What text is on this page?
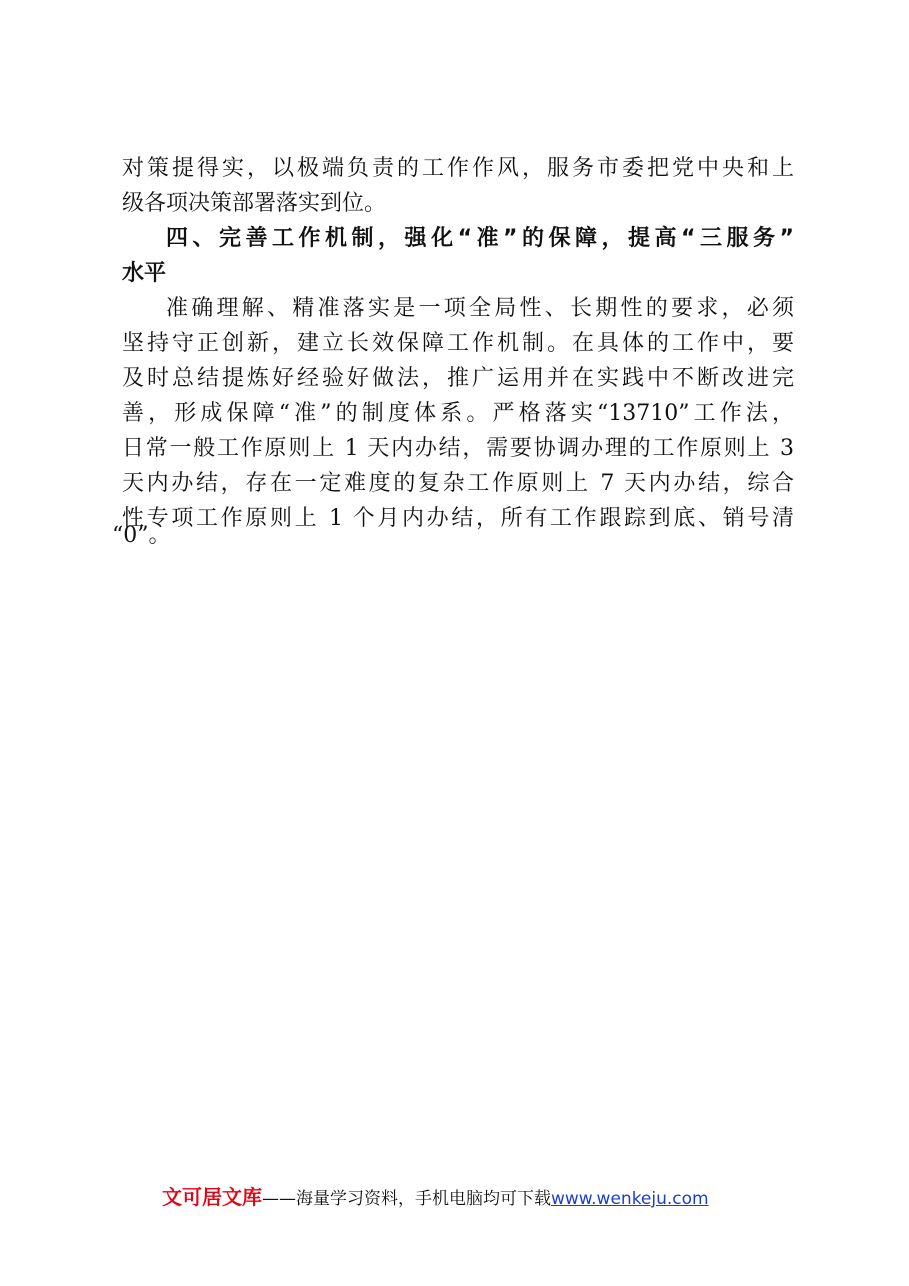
对策提得实，以极端负责的工作作风，服务市委把党中央和上
级各项决策部署落实到位。
四、完善工作机制，强化“准”的保障，提高“三服务”
水平
准确理解、精准落实是一项全局性、长期性的要求，必须
坚持守正创新，建立长效保障工作机制。在具体的工作中，要
及时总结提炼好经验好做法，推广运用并在实践中不断改进完
善，形成保障“准”的制度体系。严格落实“13710”工作法，
日常一般工作原则上 1 天内办结，需要协调办理的工作原则上 3
天内办结，存在一定难度的复杂工作原则上 7 天内办结，综合
性专项工作原则上 1 个月内办结，所有工作跟踪到底、销号清
“0”。
文可居文库——海量学习资料，手机电脑均可下载www.wenkeju.com
